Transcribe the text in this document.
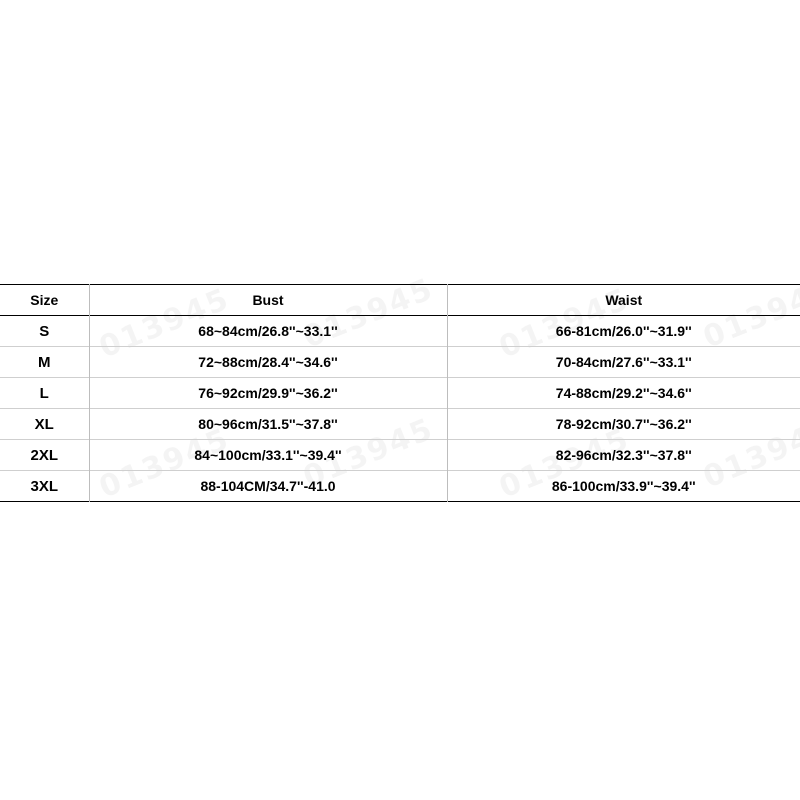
Size	Bust	Waist
S	68~84cm/26.8''~33.1''	66-81cm/26.0''~31.9''
M	72~88cm/28.4''~34.6''	70-84cm/27.6''~33.1''
L	76~92cm/29.9''~36.2''	74-88cm/29.2''~34.6''
XL	80~96cm/31.5''~37.8''	78-92cm/30.7''~36.2''
2XL	84~100cm/33.1''~39.4''	82-96cm/32.3''~37.8''
3XL	88-104CM/34.7''-41.0	86-100cm/33.9''~39.4''
